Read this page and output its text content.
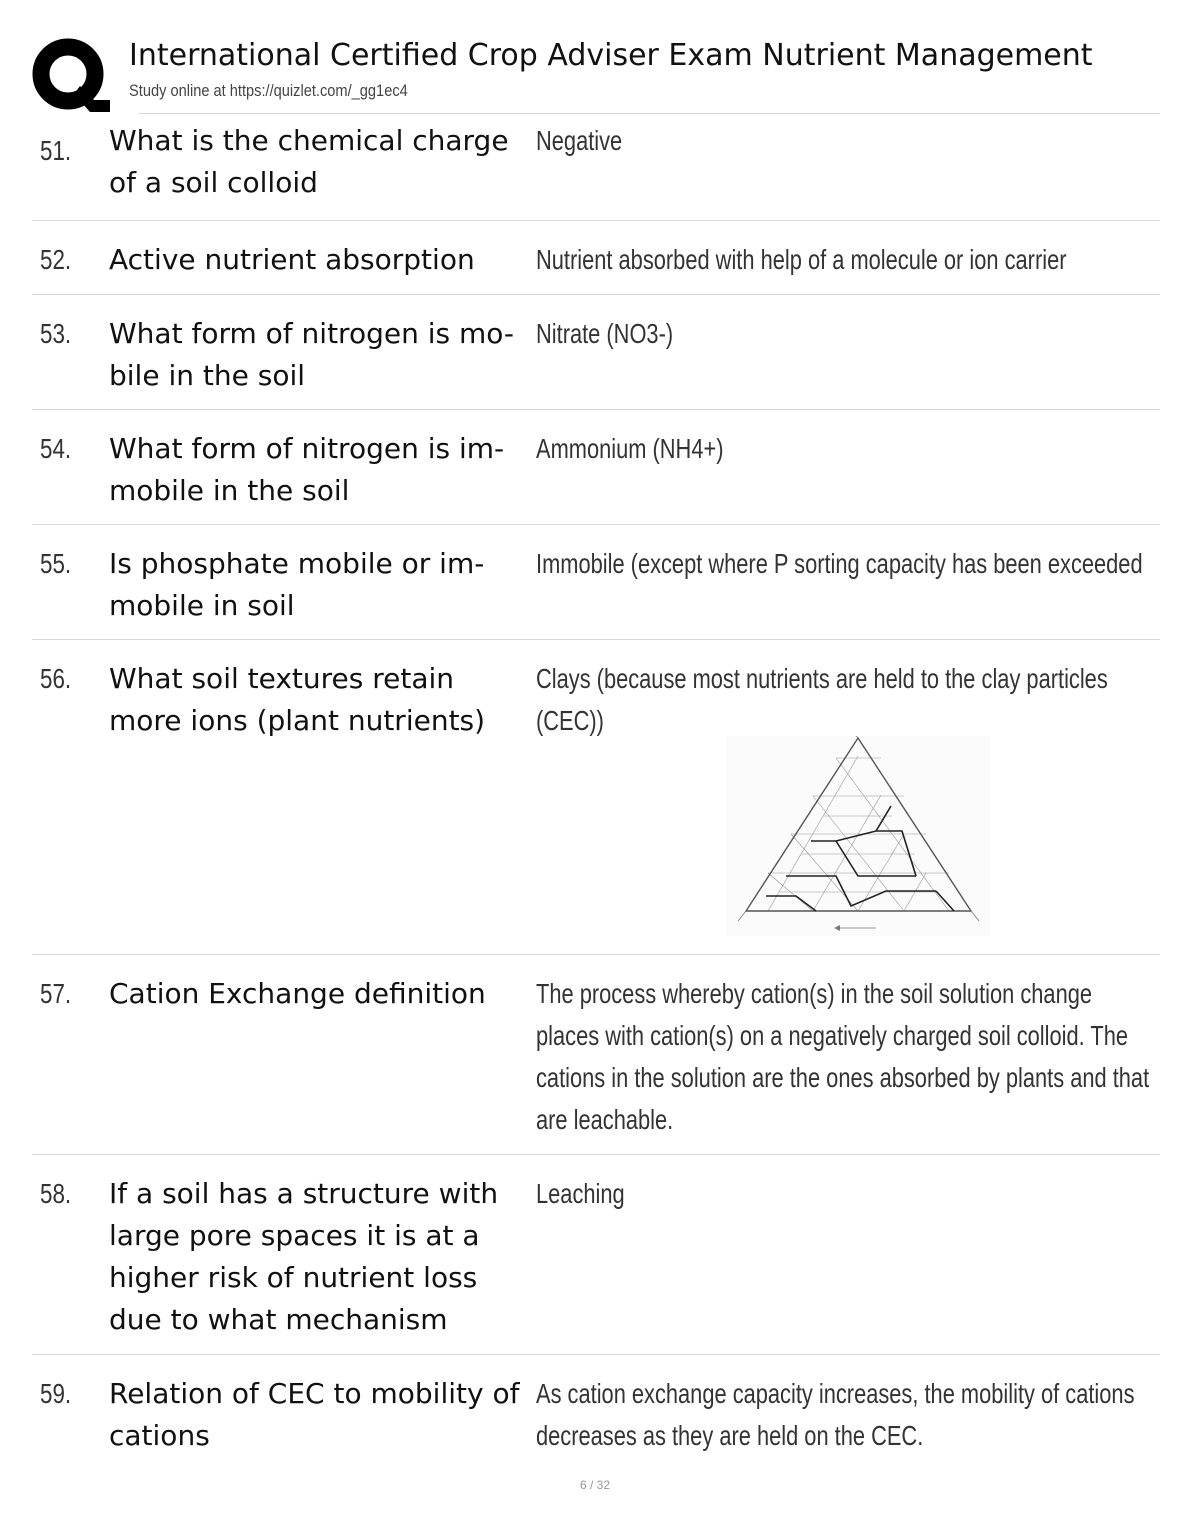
International Certified Crop Adviser Exam Nutrient Management
Study online at https://quizlet.com/_gg1ec4
51. What is the chemical charge of a soil colloid
Negative
52. Active nutrient absorption	Nutrient absorbed with help of a molecule or ion carrier
53. What form of nitrogen is mo-bile in the soil
Nitrate (NO3-)
54. What form of nitrogen is im-mobile in the soil
Ammonium (NH4+)
55. Is phosphate mobile or im-mobile in soil
Immobile (except where P sorting capacity has been exceeded
56. What soil textures retain more ions (plant nutrients)
Clays (because most nutrients are held to the clay particles (CEC))
57. Cation Exchange definition	The process whereby cation(s) in the soil solution change places with cation(s) on a negatively charged soil colloid. The cations in the solution are the ones absorbed by plants and that are leachable.
58. If a soil has a structure with large pore spaces it is at a higher risk of nutrient loss due to what mechanism
Leaching
59. Relation of CEC to mobility of cations
As cation exchange capacity increases, the mobility of cations decreases as they are held on the CEC.
6 / 32
